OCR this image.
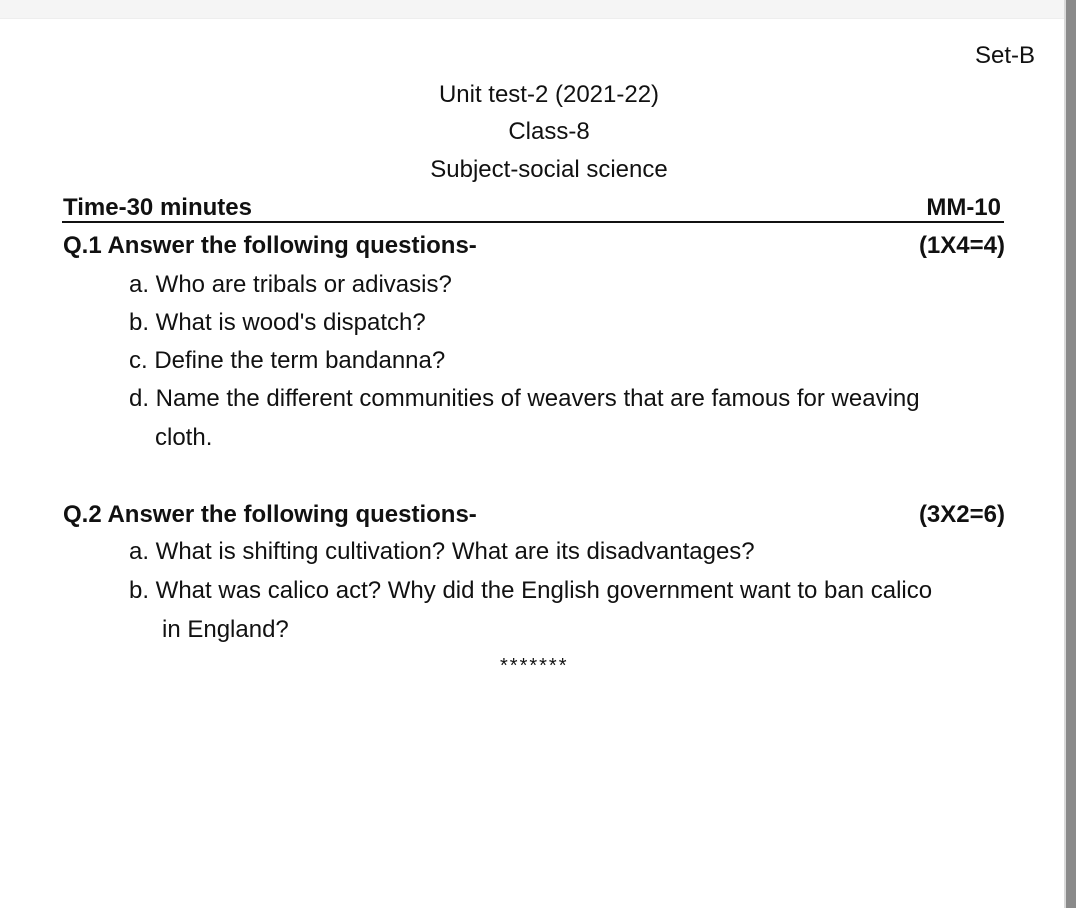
Set-B
Unit test-2 (2021-22)
Class-8
Subject-social science
Time-30 minutes	MM-10
Q.1 Answer the following questions-	(1X4=4)
a. Who are tribals or adivasis?
b. What is wood's dispatch?
c. Define the term bandanna?
d. Name the different communities of weavers that are famous for weaving
cloth.
Q.2 Answer the following questions-	(3X2=6)
a. What is shifting cultivation? What are its disadvantages?
b. What was calico act? Why did the English government want to ban calico
in England?
*******
